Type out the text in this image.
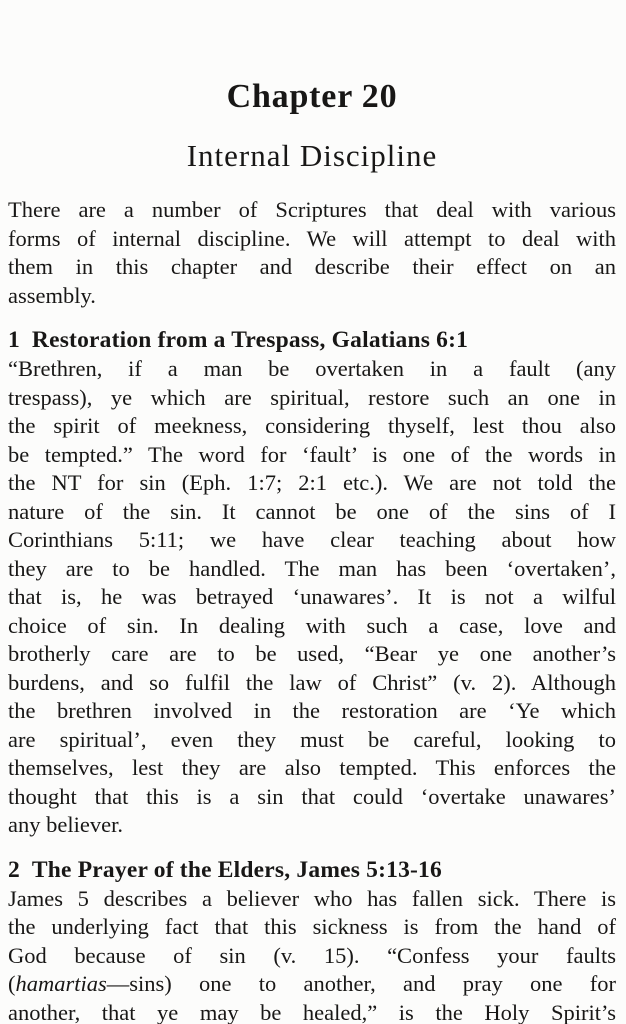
Chapter 20
Internal Discipline
There are a number of Scriptures that deal with various
forms of internal discipline. We will attempt to deal with
them in this chapter and describe their effect on an
assembly.
1 Restoration from a Trespass, Galatians 6:1
“Brethren, if a man be overtaken in a fault (any
trespass), ye which are spiritual, restore such an one in
the spirit of meekness, considering thyself, lest thou also
be tempted.” The word for ‘fault’ is one of the words in
the NT for sin (Eph. 1:7; 2:1 etc.). We are not told the
nature of the sin. It cannot be one of the sins of I
Corinthians 5:11; we have clear teaching about how
they are to be handled. The man has been ‘overtaken’,
that is, he was betrayed ‘unawares’. It is not a wilful
choice of sin. In dealing with such a case, love and
brotherly care are to be used, “Bear ye one another’s
burdens, and so fulfil the law of Christ” (v. 2). Although
the brethren involved in the restoration are ‘Ye which
are spiritual’, even they must be careful, looking to
themselves, lest they are also tempted. This enforces the
thought that this is a sin that could ‘overtake unawares’
any believer.
2 The Prayer of the Elders, James 5:13-16
James 5 describes a believer who has fallen sick. There is
the underlying fact that this sickness is from the hand of
God because of sin (v. 15). “Confess your faults
(hamartias—sins) one to another, and pray one for
another, that ye may be healed,” is the Holy Spirit’s
